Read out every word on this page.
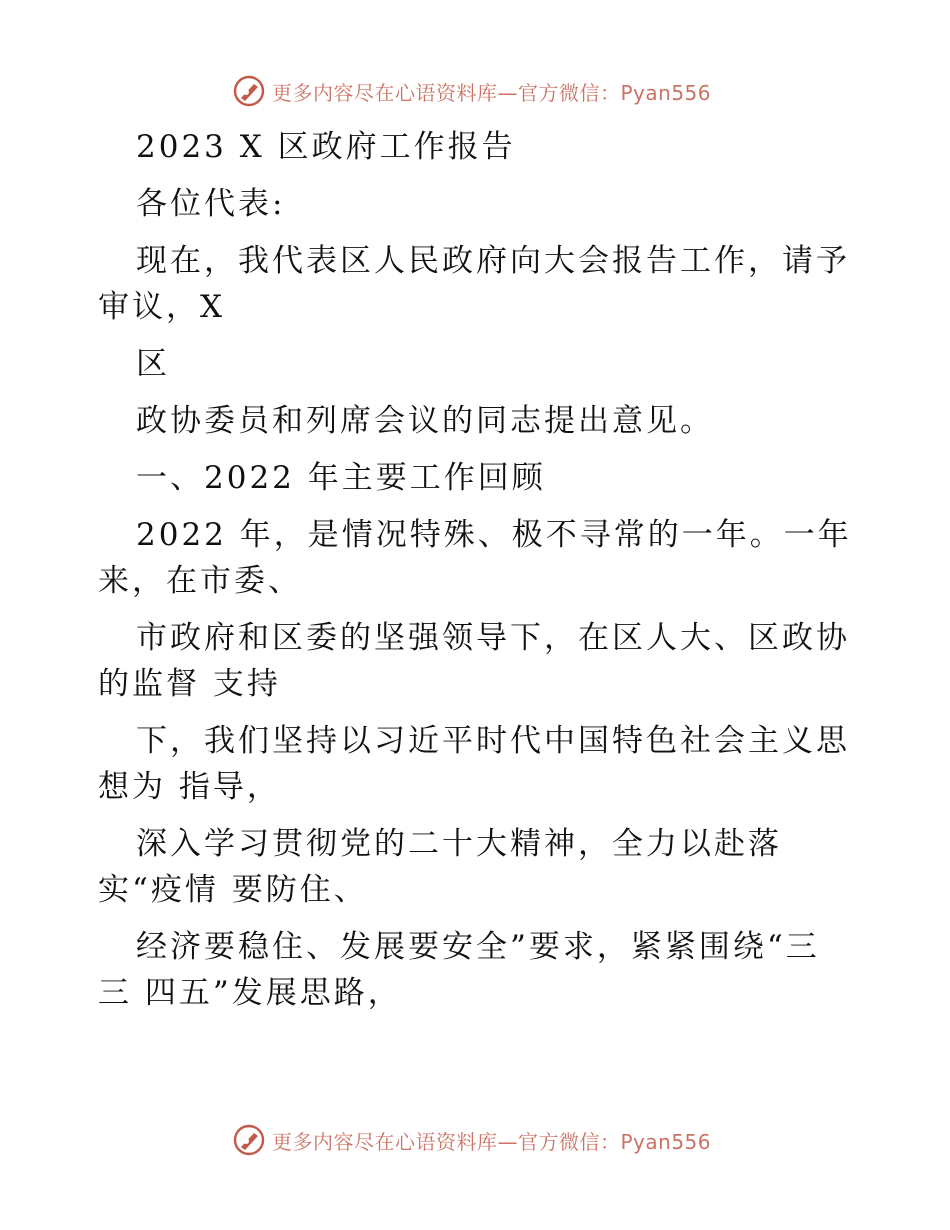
更多内容尽在心语资料库—官方微信：Pyan556
2023 X 区政府工作报告
各位代表:
现在，我代表区人民政府向大会报告工作，请予
审议，X
区
政协委员和列席会议的同志提出意见。
一、2022 年主要工作回顾
2022 年，是情况特殊、极不寻常的一年。一年
来，在市委、
市政府和区委的坚强领导下，在区人大、区政协
的监督 支持
下，我们坚持以习近平时代中国特色社会主义思
想为 指导，
深入学习贯彻党的二十大精神，全力以赴落
实“疫情 要防住、
经济要稳住、发展要安全”要求，紧紧围绕“三
三 四五”发展思路，
更多内容尽在心语资料库—官方微信：Pyan556
